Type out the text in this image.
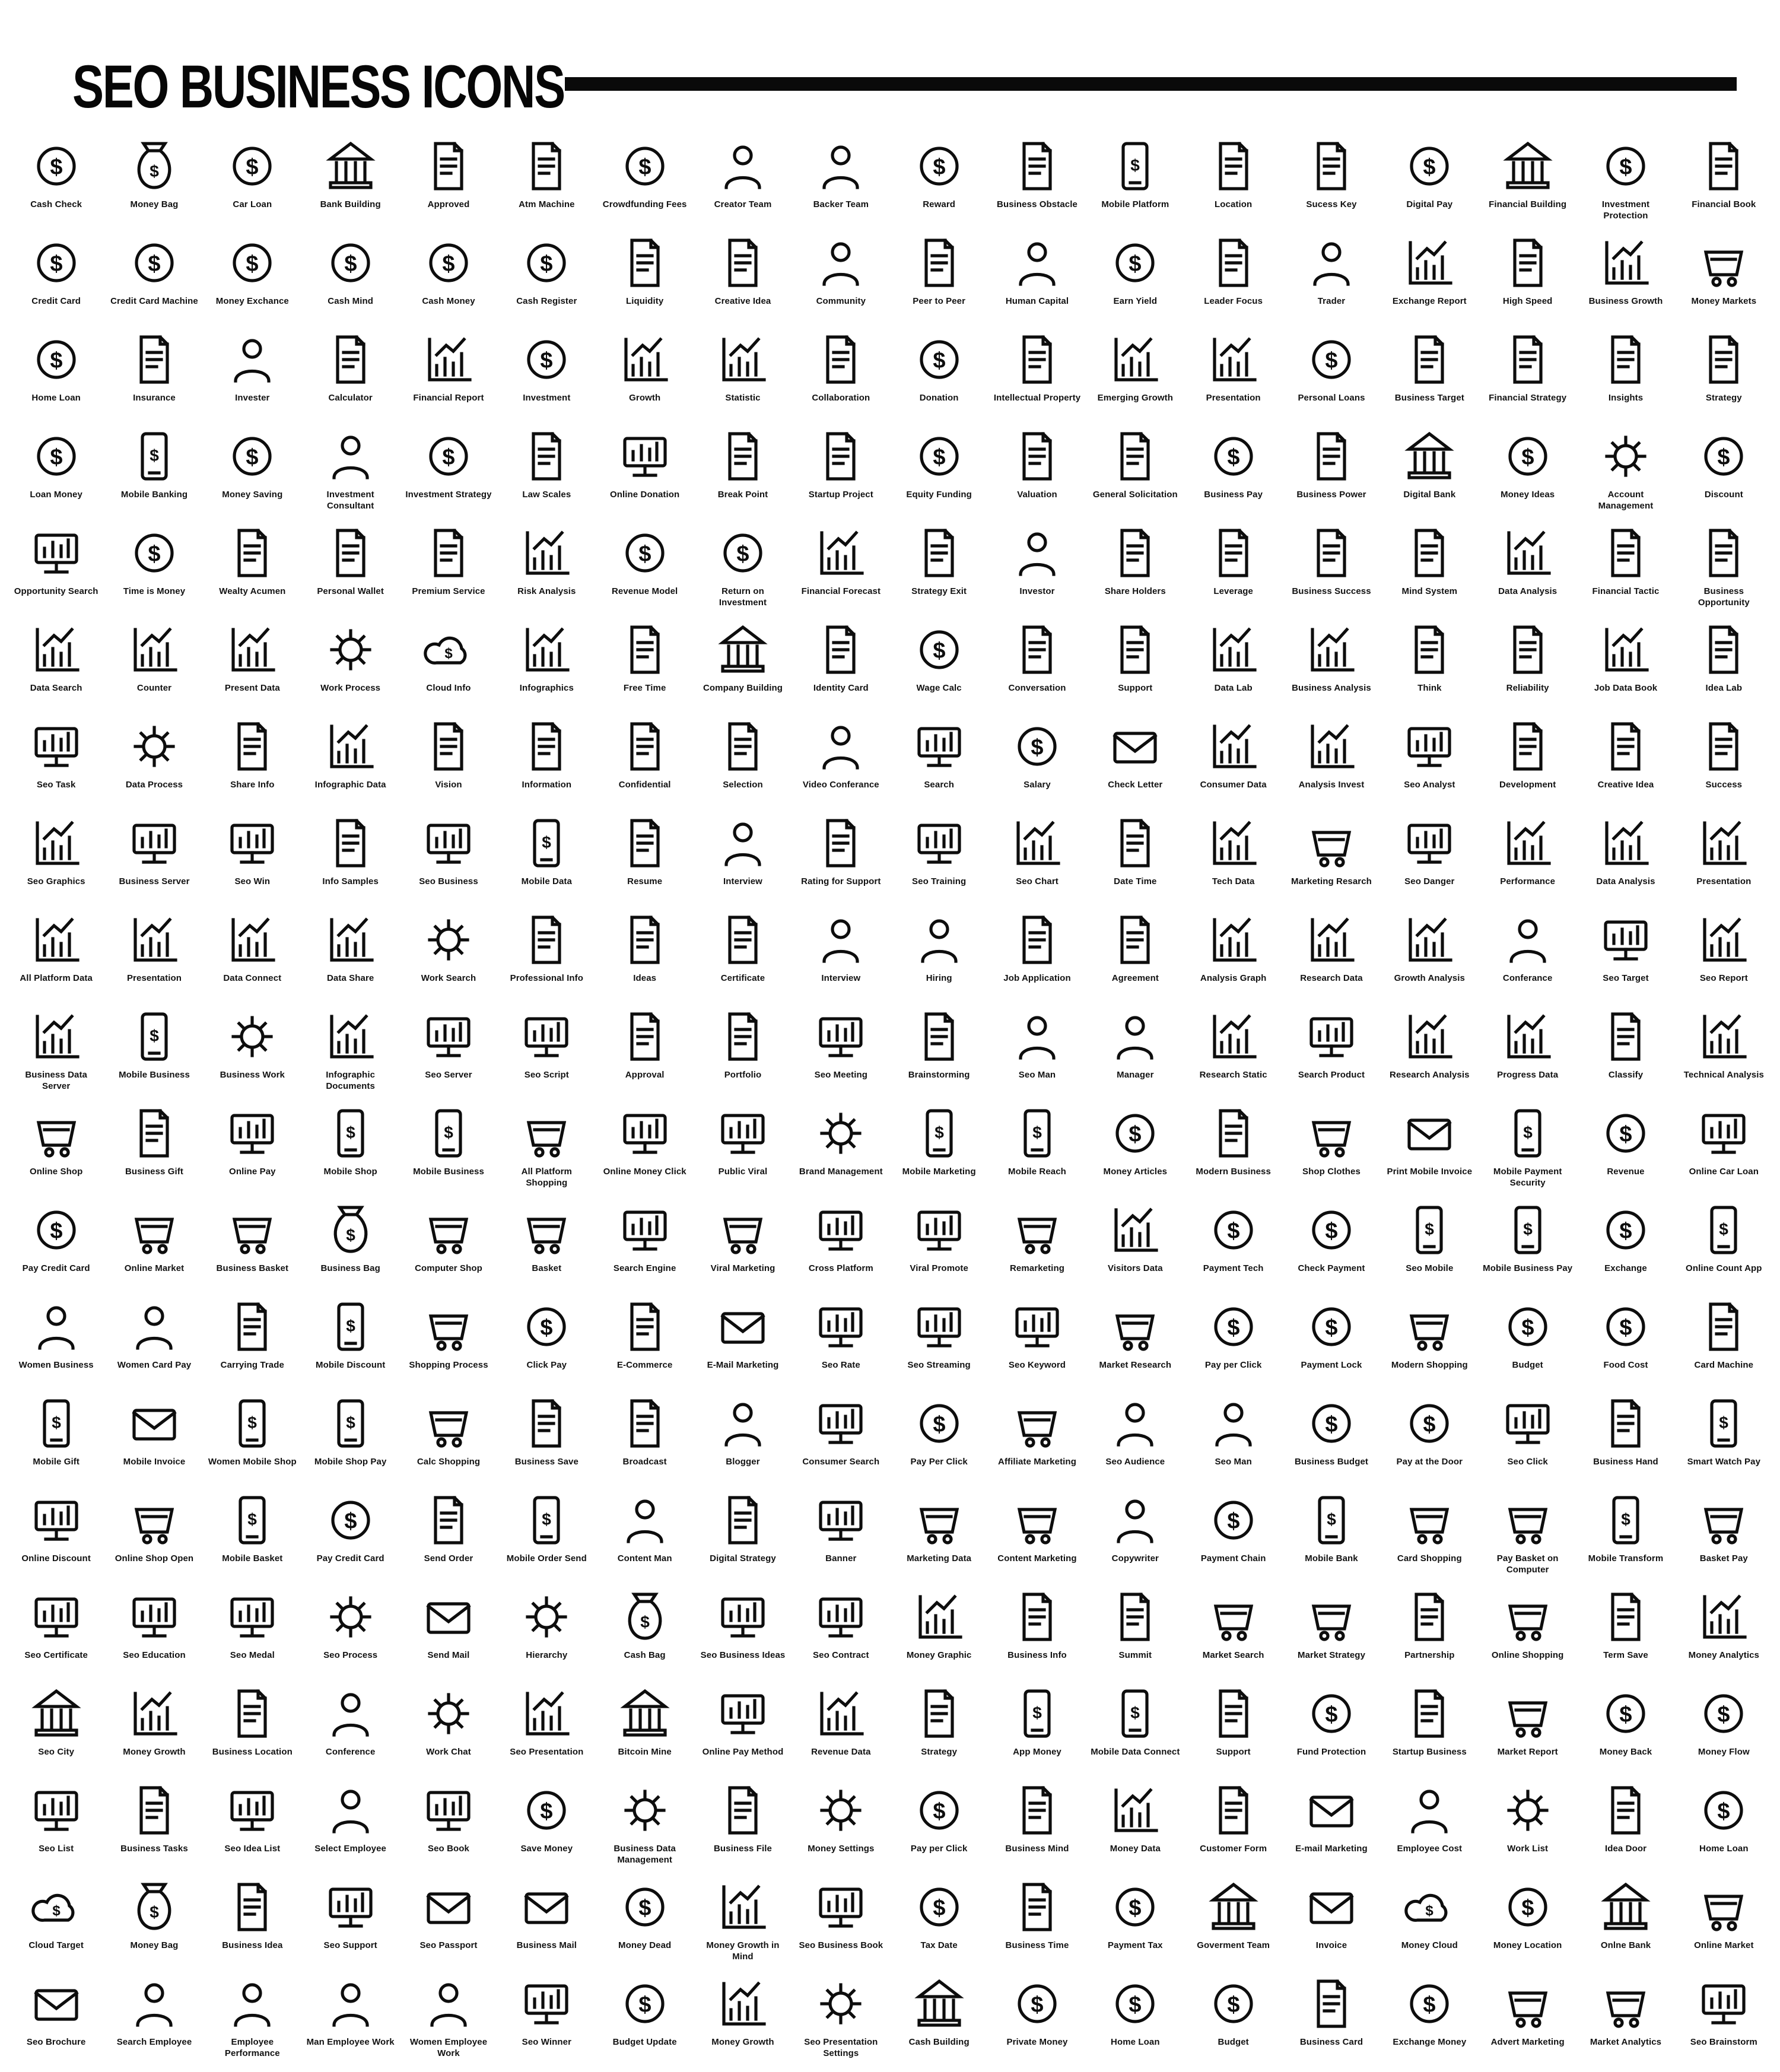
SEO BUSINESS ICONS
Cash Check	Money Bag	Car Loan	Bank Building	Approved	Atm Machine	Crowdfunding Fees	Creator Team	Backer Team	Reward	Business Obstacle	Mobile Platform	Location	Sucess Key	Digital Pay	Financial Building	Investment Protection
Financial Book
Credit Card	Credit Card Machine Money Exchance	Cash Mind	Cash Money	Cash Register	Liquidity	Creative Idea	Community	Peer to Peer	Human Capital	Earn Yield	Leader Focus	Trader	Exchange Report	High Speed	Business Growth	Money Markets
Home Loan	Insurance	Invester	Calculator	Financial Report	Investment	Growth	Statistic	Collaboration	Donation	Intellectual Property Emerging Growth	Presentation	Personal Loans	Business Target	Financial Strategy	Insights	Strategy
Loan Money	Mobile Banking	Money Saving	Investment Consultant
Investment Strategy	Law Scales	Online Donation	Break Point	Startup Project	Equity Funding	Valuation	General Solicitation	Business Pay	Business Power	Digital Bank	Money Ideas	Account Management
Discount
Opportunity Search	Time is Money	Wealty Acumen	Personal Wallet	Premium Service	Risk Analysis	Revenue Model	Return on Investment
Financial Forecast	Strategy Exit	Investor	Share Holders	Leverage	Business Success	Mind System	Data Analysis	Financial Tactic	Business Opportunity
Data Search	Counter	Present Data	Work Process	Cloud Info	Infographics	Free Time	Company Building	Identity Card	Wage Calc	Conversation	Support	Data Lab	Business Analysis	Think	Reliability	Job Data Book	Idea Lab
Seo Task	Data Process	Share Info	Infographic Data	Vision	Information	Confidential	Selection	Video Conferance	Search	Salary	Check Letter	Consumer Data	Analysis Invest	Seo Analyst	Development	Creative Idea	Success
Seo Graphics	Business Server	Seo Win	Info Samples	Seo Business	Mobile Data	Resume	Interview	Rating for Support	Seo Training	Seo Chart	Date Time	Tech Data	Marketing Resarch	Seo Danger	Performance	Data Analysis	Presentation
All Platform Data	Presentation	Data Connect	Data Share	Work Search	Professional Info	Ideas	Certificate	Interview	Hiring	Job Application	Agreement	Analysis Graph	Research Data	Growth Analysis	Conferance	Seo Target	Seo Report
Business Data Server
Mobile Business	Business Work	Infographic Documents
Seo Server	Seo Script	Approval	Portfolio	Seo Meeting	Brainstorming	Seo Man	Manager	Research Static	Search Product	Research Analysis	Progress Data	Classify	Technical Analysis
Online Shop	Business Gift	Online Pay	Mobile Shop	Mobile Business	All Platform Shopping
Online Money Click	Public Viral	Brand Management Mobile Marketing	Mobile Reach	Money Articles	Modern Business	Shop Clothes	Print Mobile Invoice	Mobile Payment Security
Revenue	Online Car Loan
Pay Credit Card	Online Market	Business Basket	Business Bag	Computer Shop	Basket	Search Engine	Viral Marketing	Cross Platform	Viral Promote	Remarketing	Visitors Data	Payment Tech	Check Payment	Seo Mobile	Mobile Business Pay	Exchange	Online Count App
Women Business	Women Card Pay	Carrying Trade	Mobile Discount	Shopping Process	Click Pay	E-Commerce	E-Mail Marketing	Seo Rate	Seo Streaming	Seo Keyword	Market Research	Pay per Click	Payment Lock	Modern Shopping	Budget	Food Cost	Card Machine
Mobile Gift	Mobile Invoice	Women Mobile Shop Mobile Shop Pay	Calc Shopping	Business Save	Broadcast	Blogger	Consumer Search	Pay Per Click	Affiliate Marketing	Seo Audience	Seo Man	Business Budget	Pay at the Door	Seo Click	Business Hand	Smart Watch Pay
Online Discount	Online Shop Open	Mobile Basket	Pay Credit Card	Send Order	Mobile Order Send	Content Man	Digital Strategy	Banner	Marketing Data	Content Marketing	Copywriter	Payment Chain	Mobile Bank	Card Shopping	Pay Basket on Computer
Mobile Transform	Basket Pay
Seo Certificate	Seo Education	Seo Medal	Seo Process	Send Mail	Hierarchy	Cash Bag	Seo Business Ideas	Seo Contract	Money Graphic	Business Info	Summit	Market Search	Market Strategy	Partnership	Online Shopping	Term Save	Money Analytics
Seo City	Money Growth	Business Location	Conference	Work Chat	Seo Presentation	Bitcoin Mine	Online Pay Method	Revenue Data	Strategy	App Money	Mobile Data Connect	Support	Fund Protection	Startup Business	Market Report	Money Back	Money Flow
Seo List	Business Tasks	Seo Idea List	Select Employee	Seo Book	Save Money	Business Data Management
Business File	Money Settings	Pay per Click	Business Mind	Money Data	Customer Form	E-mail Marketing	Employee Cost	Work List	Idea Door	Home Loan
Cloud Target	Money Bag	Business Idea	Seo Support	Seo Passport	Business Mail	Money Dead	Money Growth in Mind
Seo Business Book	Tax Date	Business Time	Payment Tax	Goverment Team	Invoice	Money Cloud	Money Location	Onlne Bank	Online Market
Seo Brochure	Search Employee	Employee Performance
Man Employee Work	Women Employee Work
Seo Winner	Budget Update	Money Growth	Seo Presentation Settings
Cash Building	Private Money	Home Loan	Budget	Business Card	Exchange Money	Advert Marketing	Market Analytics	Seo Brainstorm
